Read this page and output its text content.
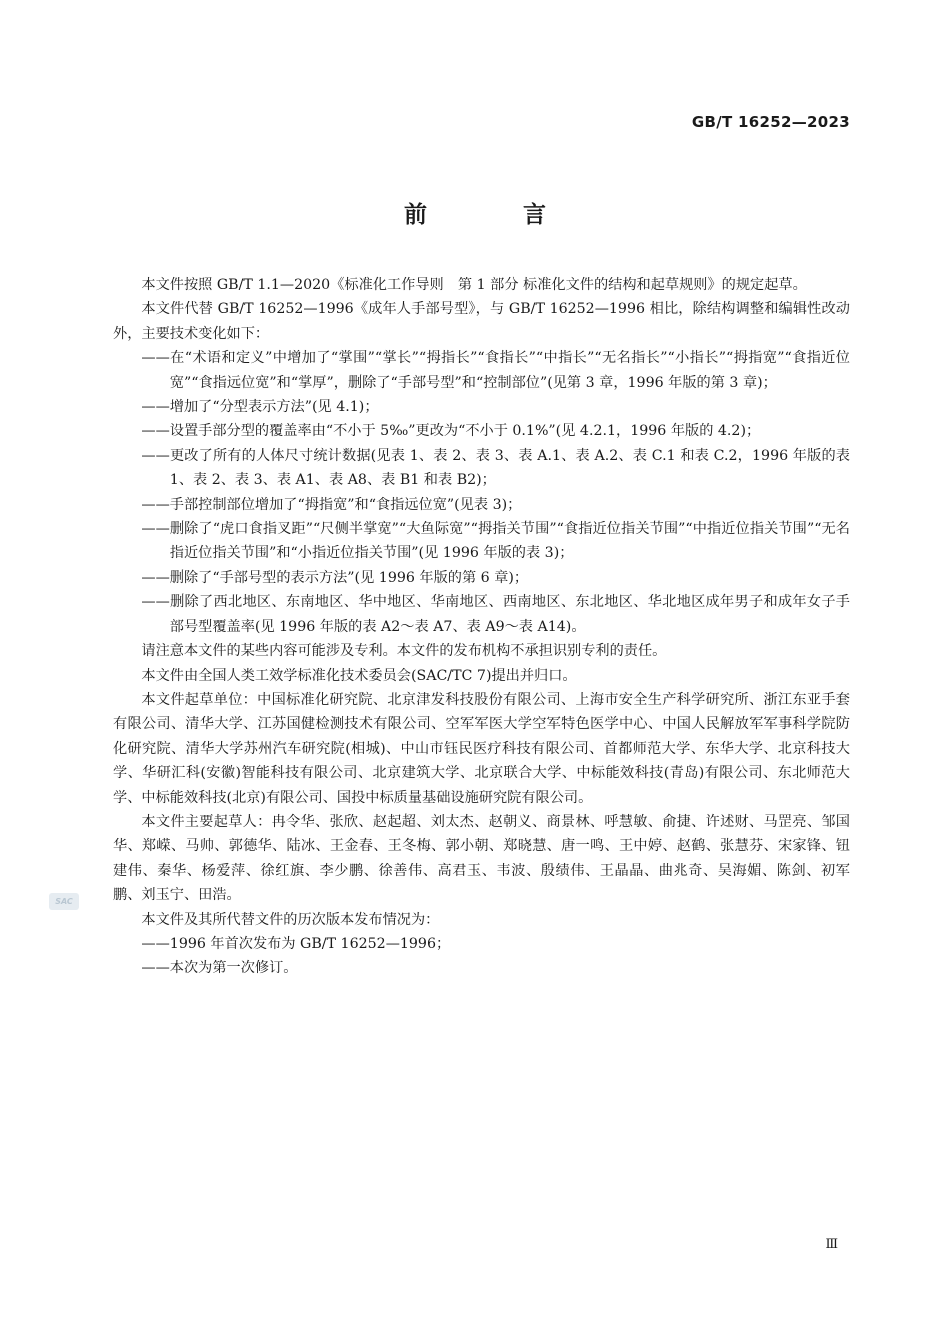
GB/T 16252—2023
前 言

本文件按照 GB/T 1.1—2020《标准化工作导则　第 1 部分 标准化文件的结构和起草规则》的规定起草。

本文件代替 GB/T 16252—1996《成年人手部号型》，与 GB/T 16252—1996 相比，除结构调整和编辑性改动外，主要技术变化如下：

——在“术语和定义”中增加了“掌围”“掌长”“拇指长”“食指长”“中指长”“无名指长”“小指长”“拇指宽”“食指近位宽”“食指远位宽”和“掌厚”，删除了“手部号型”和“控制部位”(见第 3 章，1996 年版的第 3 章)；

——增加了“分型表示方法”(见 4.1)；

——设置手部分型的覆盖率由“不小于 5‰”更改为“不小于 0.1%”(见 4.2.1，1996 年版的 4.2)；

——更改了所有的人体尺寸统计数据(见表 1、表 2、表 3、表 A.1、表 A.2、表 C.1 和表 C.2，1996 年版的表 1、表 2、表 3、表 A1、表 A8、表 B1 和表 B2)；

——手部控制部位增加了“拇指宽”和“食指远位宽”(见表 3)；

——删除了“虎口食指叉距”“尺侧半掌宽”“大鱼际宽”“拇指关节围”“食指近位指关节围”“中指近位指关节围”“无名指近位指关节围”和“小指近位指关节围”(见 1996 年版的表 3)；

——删除了“手部号型的表示方法”(见 1996 年版的第 6 章)；

——删除了西北地区、东南地区、华中地区、华南地区、西南地区、东北地区、华北地区成年男子和成年女子手部号型覆盖率(见 1996 年版的表 A2～表 A7、表 A9～表 A14)。

请注意本文件的某些内容可能涉及专利。本文件的发布机构不承担识别专利的责任。

本文件由全国人类工效学标准化技术委员会(SAC/TC 7)提出并归口。

本文件起草单位：中国标准化研究院、北京津发科技股份有限公司、上海市安全生产科学研究所、浙江东亚手套有限公司、清华大学、江苏国健检测技术有限公司、空军军医大学空军特色医学中心、中国人民解放军军事科学院防化研究院、清华大学苏州汽车研究院(相城)、中山市钰民医疗科技有限公司、首都师范大学、东华大学、北京科技大学、华研汇科(安徽)智能科技有限公司、北京建筑大学、北京联合大学、中标能效科技(青岛)有限公司、东北师范大学、中标能效科技(北京)有限公司、国投中标质量基础设施研究院有限公司。

本文件主要起草人：冉令华、张欣、赵起超、刘太杰、赵朝义、商景林、呼慧敏、俞捷、许述财、马罡亮、邹国华、郑嵘、马帅、郭德华、陆冰、王金春、王冬梅、郭小朝、郑晓慧、唐一鸣、王中婷、赵鹤、张慧芬、宋家锋、钮建伟、秦华、杨爱萍、徐红旗、李少鹏、徐善伟、高君玉、韦波、殷绩伟、王晶晶、曲兆奇、吴海媚、陈剑、初军鹏、刘玉宁、田浩。

本文件及其所代替文件的历次版本发布情况为：

——1996 年首次发布为 GB/T 16252—1996；

——本次为第一次修订。

SAC
Ⅲ
